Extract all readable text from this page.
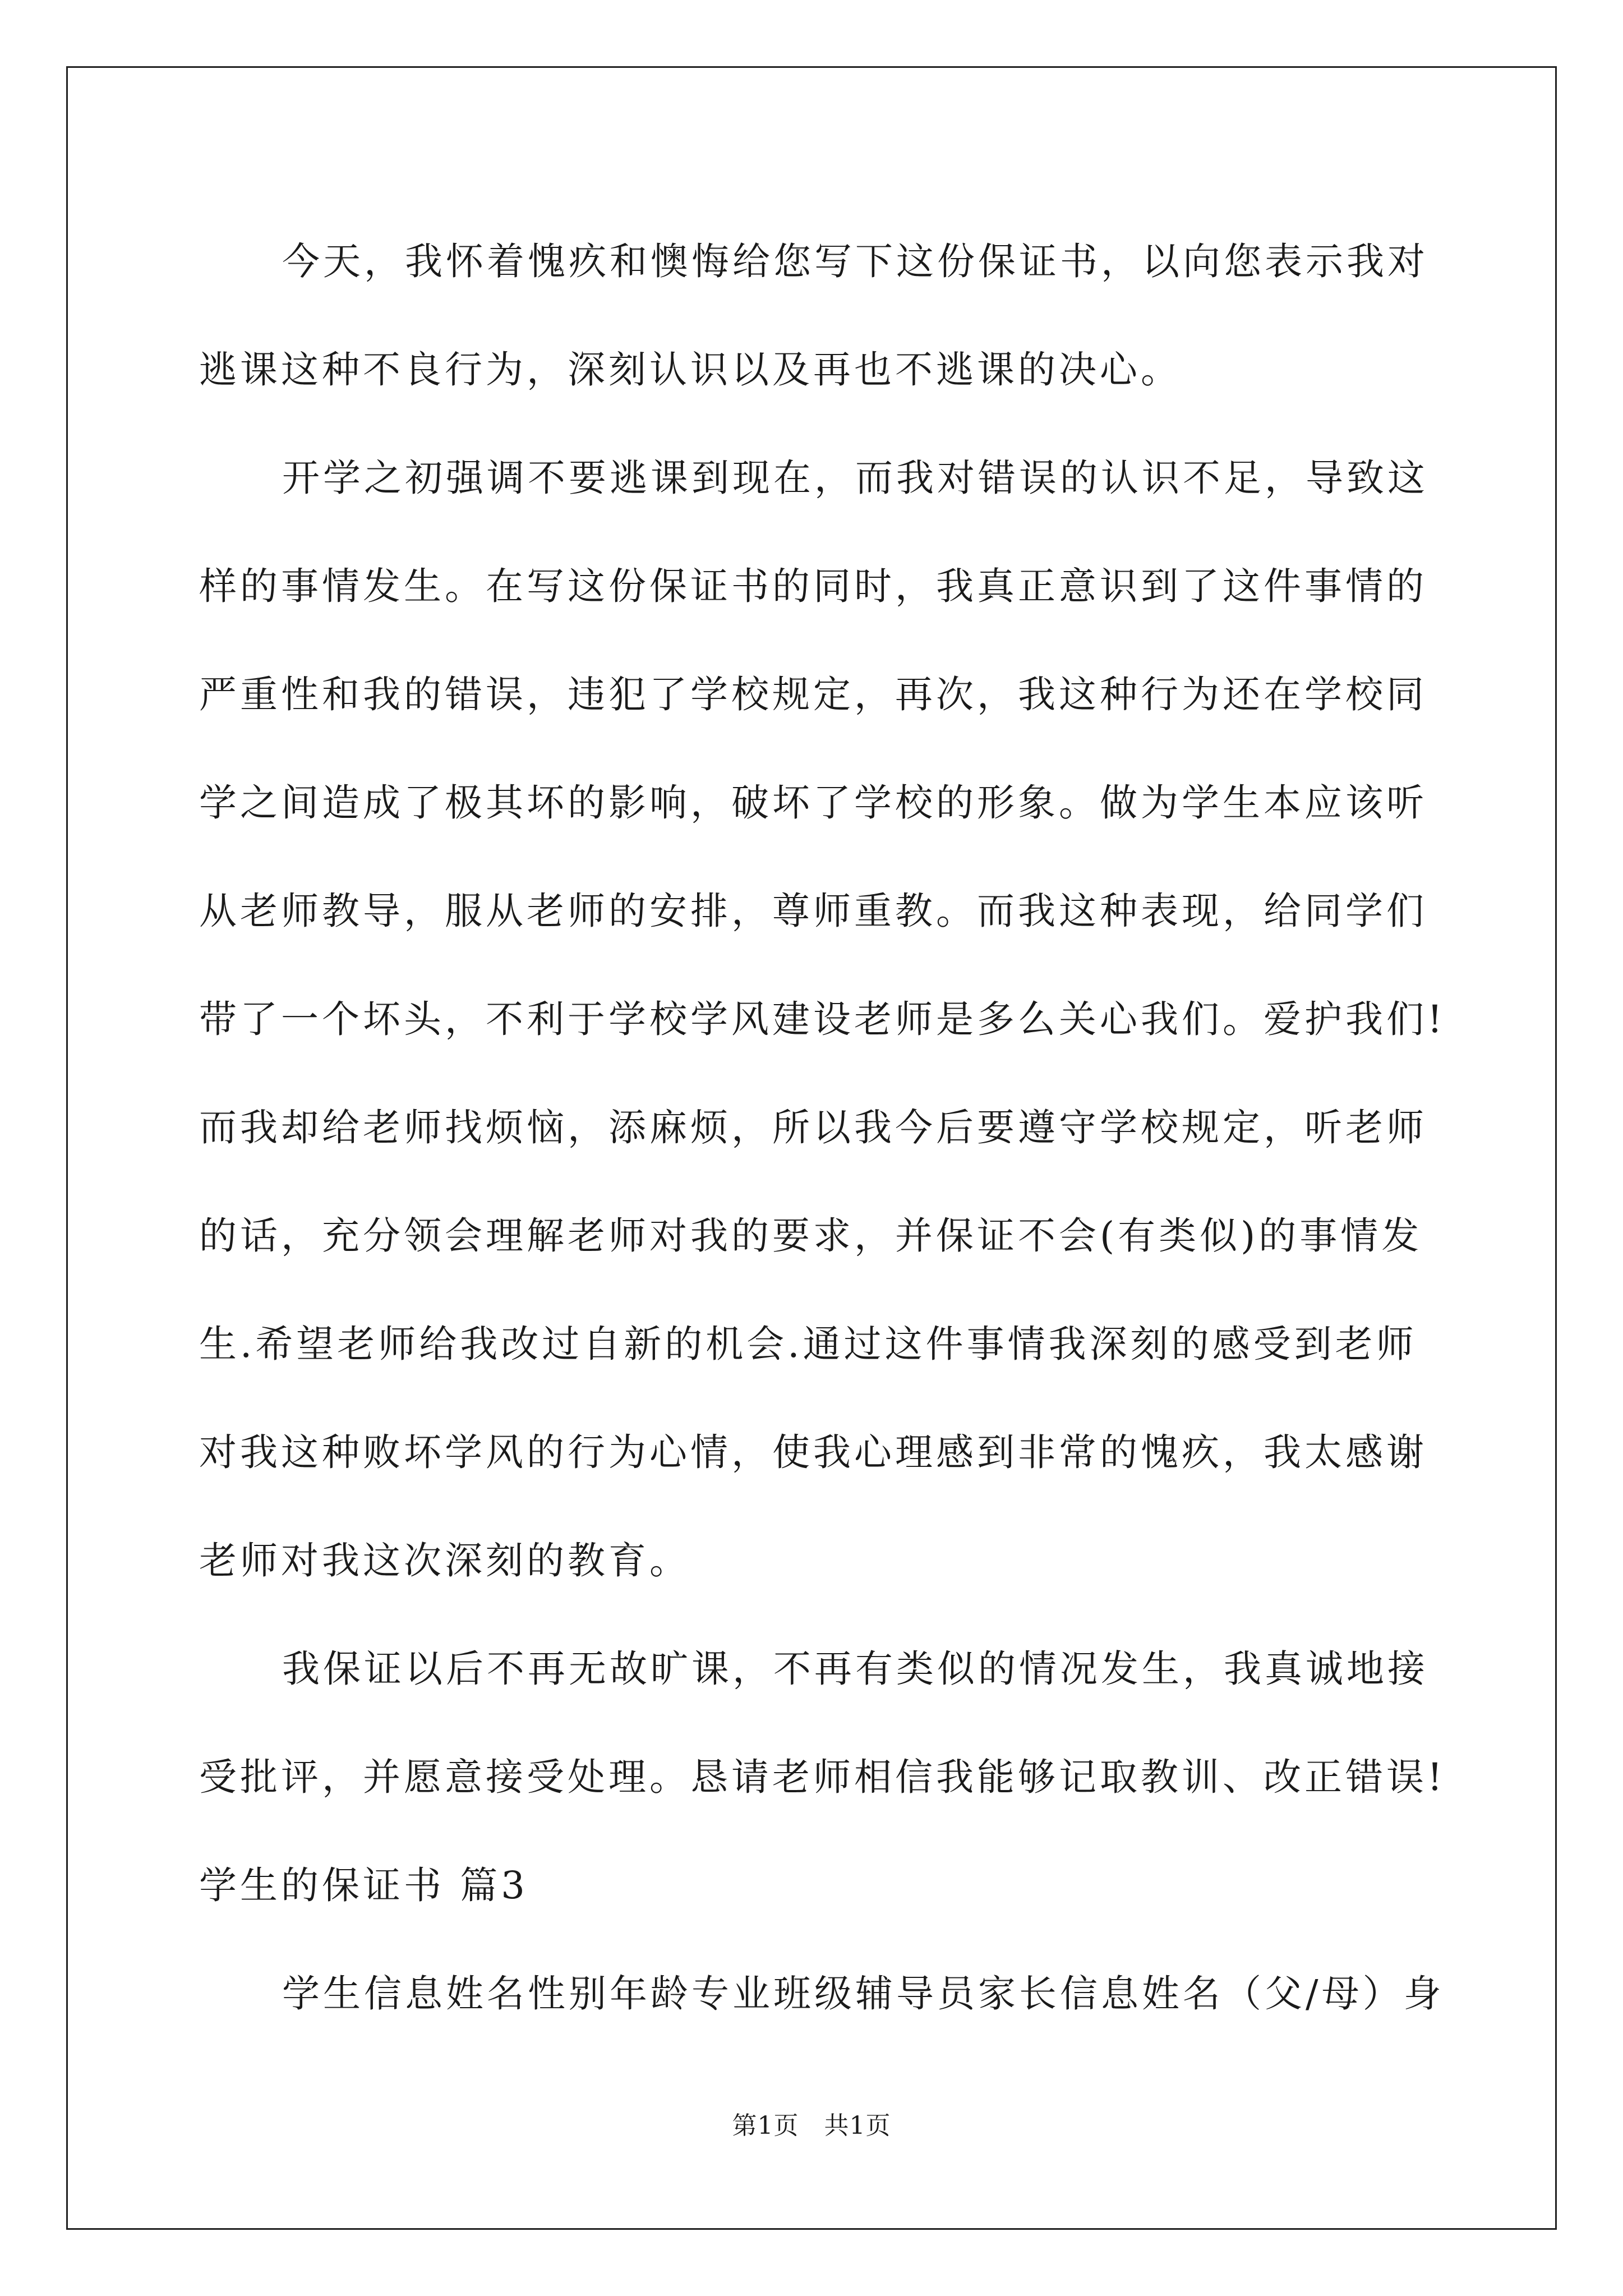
今天，我怀着愧疚和懊悔给您写下这份保证书，以向您表示我对
逃课这种不良行为，深刻认识以及再也不逃课的决心。
开学之初强调不要逃课到现在，而我对错误的认识不足，导致这
样的事情发生。在写这份保证书的同时，我真正意识到了这件事情的
严重性和我的错误，违犯了学校规定，再次，我这种行为还在学校同
学之间造成了极其坏的影响，破坏了学校的形象。做为学生本应该听
从老师教导，服从老师的安排，尊师重教。而我这种表现，给同学们
带了一个坏头，不利于学校学风建设老师是多么关心我们。爱护我们!
而我却给老师找烦恼，添麻烦，所以我今后要遵守学校规定，听老师
的话，充分领会理解老师对我的要求，并保证不会(有类似)的事情发
生.希望老师给我改过自新的机会.通过这件事情我深刻的感受到老师
对我这种败坏学风的行为心情，使我心理感到非常的愧疚，我太感谢
老师对我这次深刻的教育。
我保证以后不再无故旷课，不再有类似的情况发生，我真诚地接
受批评，并愿意接受处理。恳请老师相信我能够记取教训、改正错误!
学生的保证书 篇3
学生信息姓名性别年龄专业班级辅导员家长信息姓名（父/母）身
第1页　共1页
